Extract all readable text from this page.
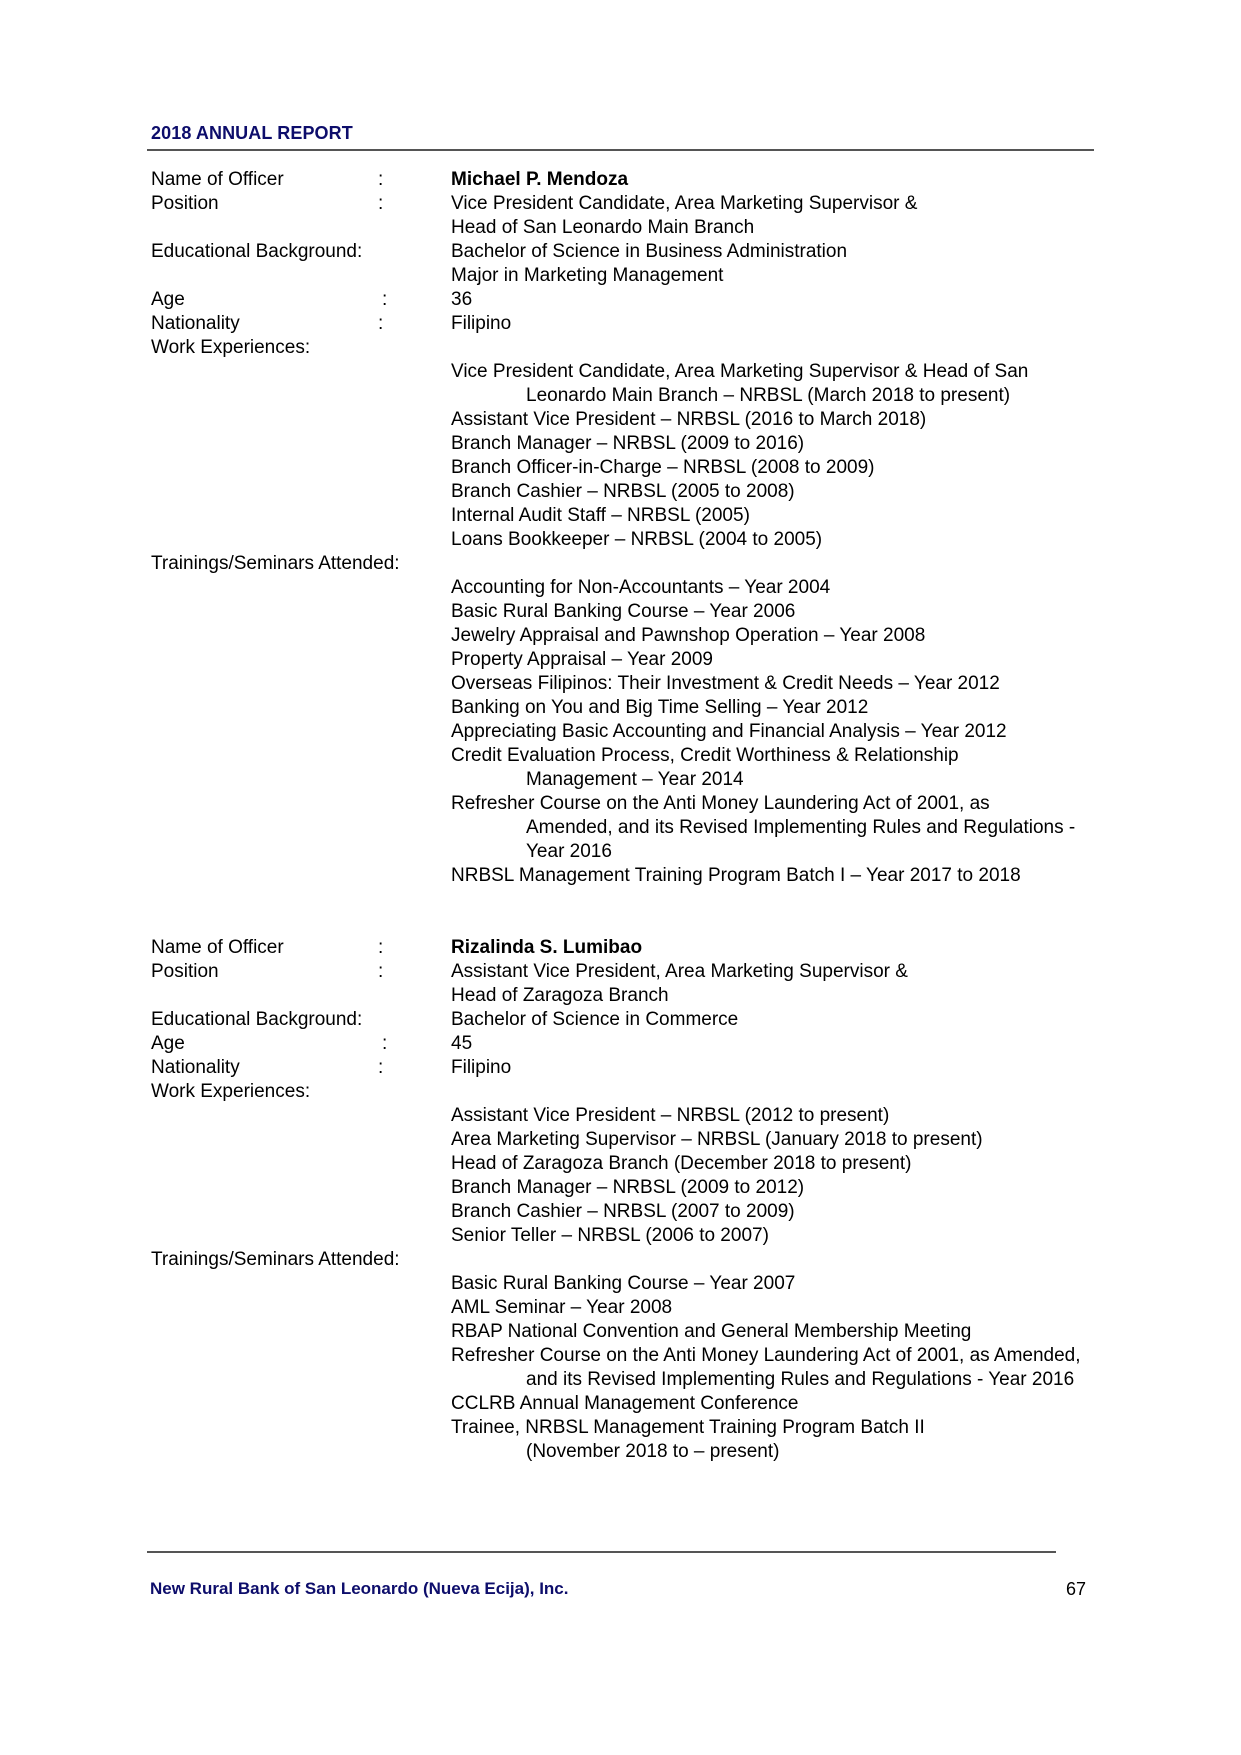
2018 ANNUAL REPORT
Name of Officer	:	Michael P. Mendoza
Position	:	Vice President Candidate, Area Marketing Supervisor &
Head of San Leonardo Main Branch
Educational Background:	Bachelor of Science in Business Administration
Major in Marketing Management
Age	:	36
Nationality	:	Filipino
Work Experiences:
Vice President Candidate, Area Marketing Supervisor & Head of San
Leonardo Main Branch – NRBSL (March 2018 to present)
Assistant Vice President – NRBSL (2016 to March 2018)
Branch Manager – NRBSL (2009 to 2016)
Branch Officer-in-Charge – NRBSL (2008 to 2009)
Branch Cashier – NRBSL (2005 to 2008)
Internal Audit Staff – NRBSL (2005)
Loans Bookkeeper – NRBSL (2004 to 2005)
Trainings/Seminars Attended:
Accounting for Non-Accountants – Year 2004
Basic Rural Banking Course – Year 2006
Jewelry Appraisal and Pawnshop Operation – Year 2008
Property Appraisal – Year 2009
Overseas Filipinos: Their Investment & Credit Needs – Year 2012
Banking on You and Big Time Selling – Year 2012
Appreciating Basic Accounting and Financial Analysis – Year 2012
Credit Evaluation Process, Credit Worthiness & Relationship
Management – Year 2014
Refresher Course on the Anti Money Laundering Act of 2001, as
Amended, and its Revised Implementing Rules and Regulations -
Year 2016
NRBSL Management Training Program Batch I – Year 2017 to 2018
Name of Officer	:	Rizalinda S. Lumibao
Position	:	Assistant Vice President, Area Marketing Supervisor &
Head of Zaragoza Branch
Educational Background:	Bachelor of Science in Commerce
Age	:	45
Nationality	:	Filipino
Work Experiences:
Assistant Vice President – NRBSL (2012 to present)
Area Marketing Supervisor – NRBSL (January 2018 to present)
Head of Zaragoza Branch (December 2018 to present)
Branch Manager – NRBSL (2009 to 2012)
Branch Cashier – NRBSL (2007 to 2009)
Senior Teller – NRBSL (2006 to 2007)
Trainings/Seminars Attended:
Basic Rural Banking Course – Year 2007
AML Seminar – Year 2008
RBAP National Convention and General Membership Meeting
Refresher Course on the Anti Money Laundering Act of 2001, as Amended,
and its Revised Implementing Rules and Regulations - Year 2016
CCLRB Annual Management Conference
Trainee, NRBSL Management Training Program Batch II
(November 2018 to – present)
New Rural Bank of San Leonardo (Nueva Ecija), Inc.	67
